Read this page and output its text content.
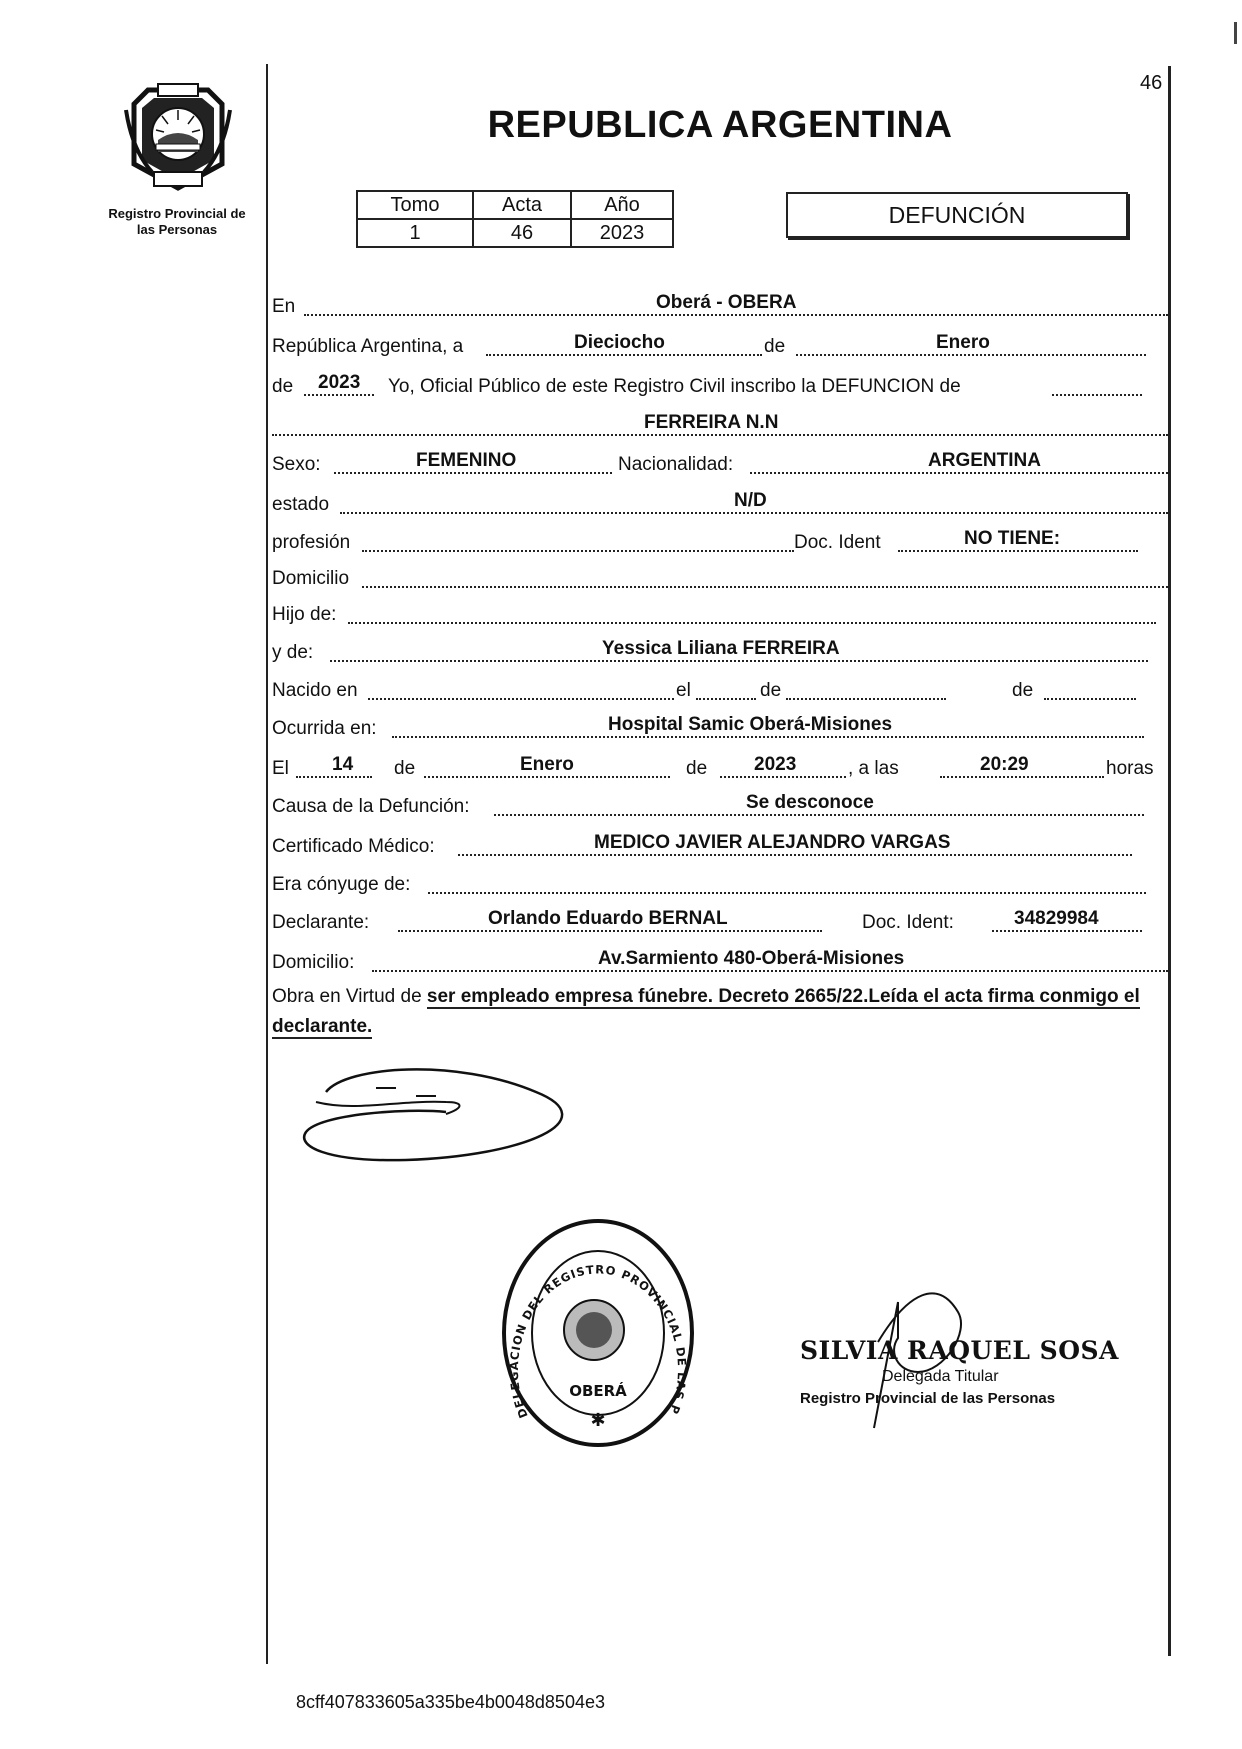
46
Registro Provincial de
las Personas
REPUBLICA ARGENTINA
Tomo	Acta	Año
1	46	2023
DEFUNCIÓN
En	Oberá - OBERA
República Argentina, a	Dieciocho	de	Enero
de 2023 Yo, Oficial Público de este Registro Civil inscribo la DEFUNCION de
FERREIRA N.N
Sexo:	FEMENINO	Nacionalidad:	ARGENTINA
estado	N/D
profesión	Doc. Ident	NO TIENE:
Domicilio
Hijo de:
y de:	Yessica Liliana FERREIRA
Nacido en	el	de	de
Ocurrida en:	Hospital Samic Oberá-Misiones
El 14 de	Enero	de 2023	, a las	20:29	horas
Causa de la Defunción:	Se desconoce
Certificado Médico:	MEDICO JAVIER ALEJANDRO VARGAS
Era cónyuge de:
Declarante:	Orlando Eduardo BERNAL	Doc. Ident:	34829984
Domicilio:	Av.Sarmiento 480-Oberá-Misiones
Obra en Virtud de ser empleado empresa fúnebre. Decreto 2665/22.Leída el acta firma conmigo el declarante.
OBERÁ
✱
DELEGACION DEL REGISTRO PROVINCIAL DE LAS P
SILVIA RAQUEL SOSA
Delegada Titular
Registro Provincial de las Personas
8cff407833605a335be4b0048d8504e3
